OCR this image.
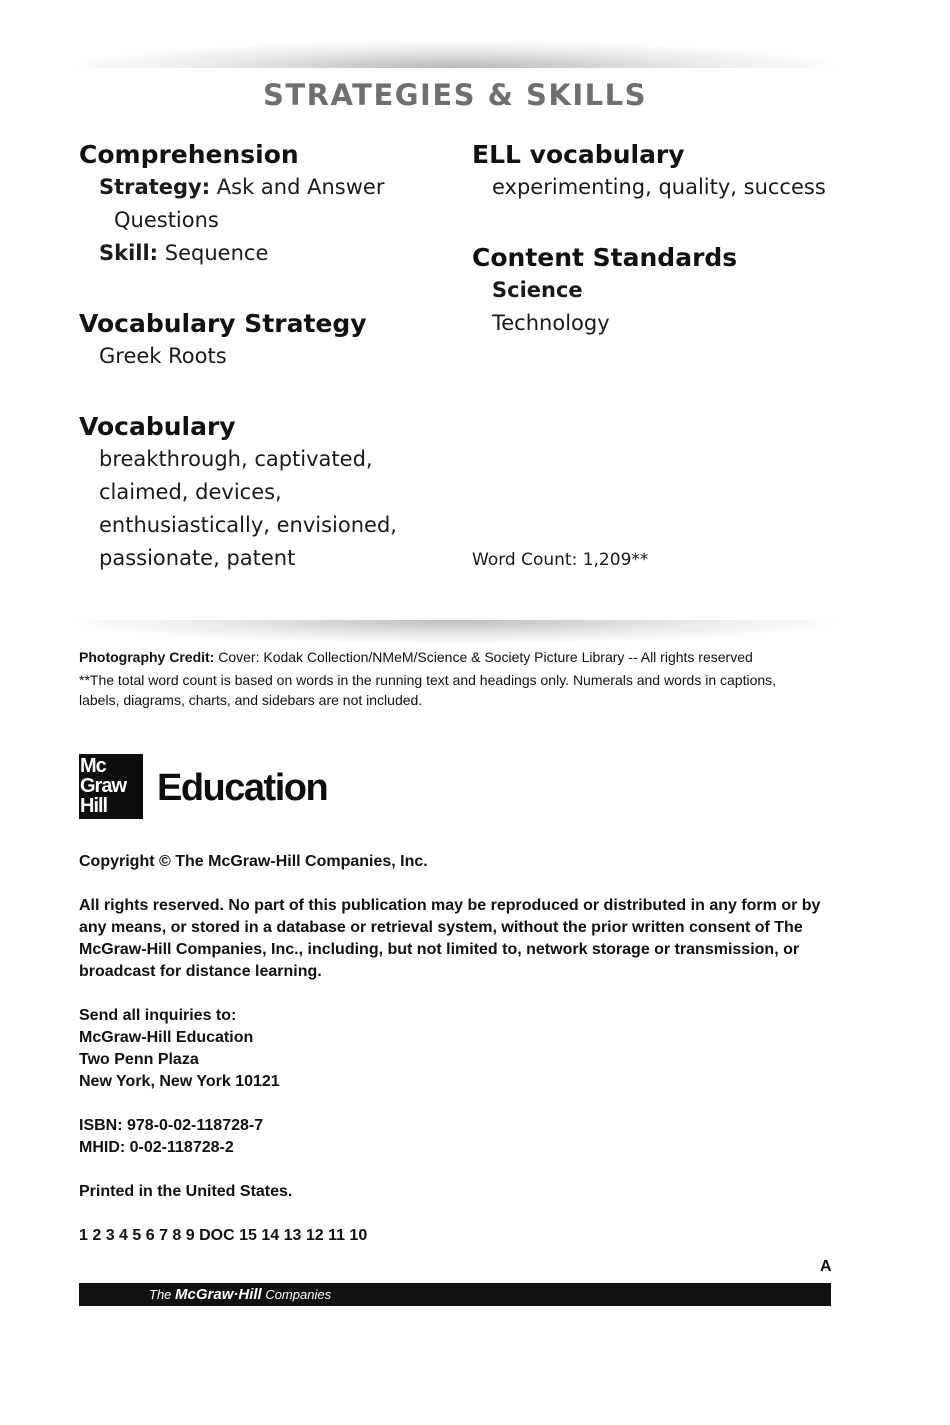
STRATEGIES & SKILLS
Comprehension
Strategy: Ask and Answer
Questions
Skill: Sequence
Vocabulary Strategy
Greek Roots
Vocabulary
breakthrough, captivated,
claimed, devices,
enthusiastically, envisioned,
passionate, patent
ELL vocabulary
experimenting, quality, success
Content Standards
Science
Technology
Word Count: 1,209**
Photography Credit: Cover: Kodak Collection/NMeM/Science & Society Picture Library -- All rights reserved
**The total word count is based on words in the running text and headings only. Numerals and words in captions, labels, diagrams, charts, and sidebars are not included.
Mc
Graw
Hill	Education
Copyright © The McGraw-Hill Companies, Inc.
All rights reserved. No part of this publication may be reproduced or distributed in any form or by any means, or stored in a database or retrieval system, without the prior written consent of The McGraw-Hill Companies, Inc., including, but not limited to, network storage or transmission, or broadcast for distance learning.
Send all inquiries to:
McGraw-Hill Education
Two Penn Plaza
New York, New York 10121
ISBN: 978-0-02-118728-7
MHID: 0-02-118728-2
Printed in the United States.
1 2 3 4 5 6 7 8 9 DOC 15 14 13 12 11 10
A
The McGraw·Hill Companies
